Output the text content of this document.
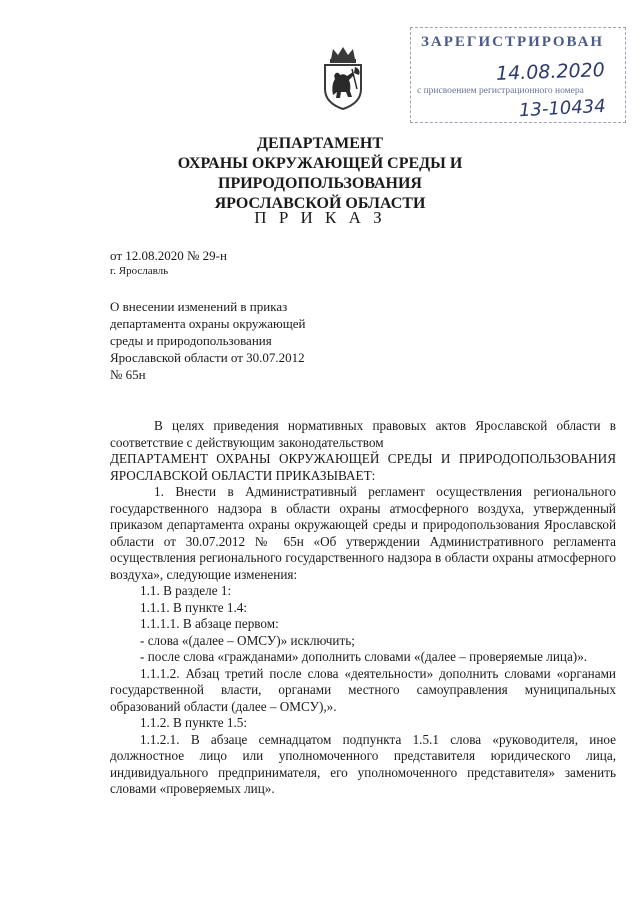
ЗАРЕГИСТРИРОВАН
14.08.2020
с присвоением регистрационного номера
13-10434
ДЕПАРТАМЕНТ
ОХРАНЫ ОКРУЖАЮЩЕЙ СРЕДЫ И ПРИРОДОПОЛЬЗОВАНИЯ
ЯРОСЛАВСКОЙ ОБЛАСТИ
П Р И К А З
от 12.08.2020 № 29-н
г. Ярославль
О внесении изменений в приказ
департамента охраны окружающей
среды и природопользования
Ярославской области от 30.07.2012
№ 65н

В целях приведения нормативных правовых актов Ярославской области в соответствие с действующим законодательством

ДЕПАРТАМЕНТ ОХРАНЫ ОКРУЖАЮЩЕЙ СРЕДЫ И ПРИРОДОПОЛЬЗОВАНИЯ ЯРОСЛАВСКОЙ ОБЛАСТИ ПРИКАЗЫВАЕТ:

1. Внести в Административный регламент осуществления регионального государственного надзора в области охраны атмосферного воздуха, утвержденный приказом департамента охраны окружающей среды и природопользования Ярославской области от 30.07.2012 № 65н «Об утверждении Административного регламента осуществления регионального государственного надзора в области охраны атмосферного воздуха», следующие изменения:

1.1. В разделе 1:

1.1.1. В пункте 1.4:

1.1.1.1. В абзаце первом:

- слова «(далее – ОМСУ)» исключить;

- после слова «гражданами» дополнить словами «(далее – проверяемые лица)».

1.1.1.2. Абзац третий после слова «деятельности» дополнить словами «органами государственной власти, органами местного самоуправления муниципальных образований области (далее – ОМСУ),».

1.1.2. В пункте 1.5:

1.1.2.1. В абзаце семнадцатом подпункта 1.5.1 слова «руководителя, иное должностное лицо или уполномоченного представителя юридического лица, индивидуального предпринимателя, его уполномоченного представителя» заменить словами «проверяемых лиц».
